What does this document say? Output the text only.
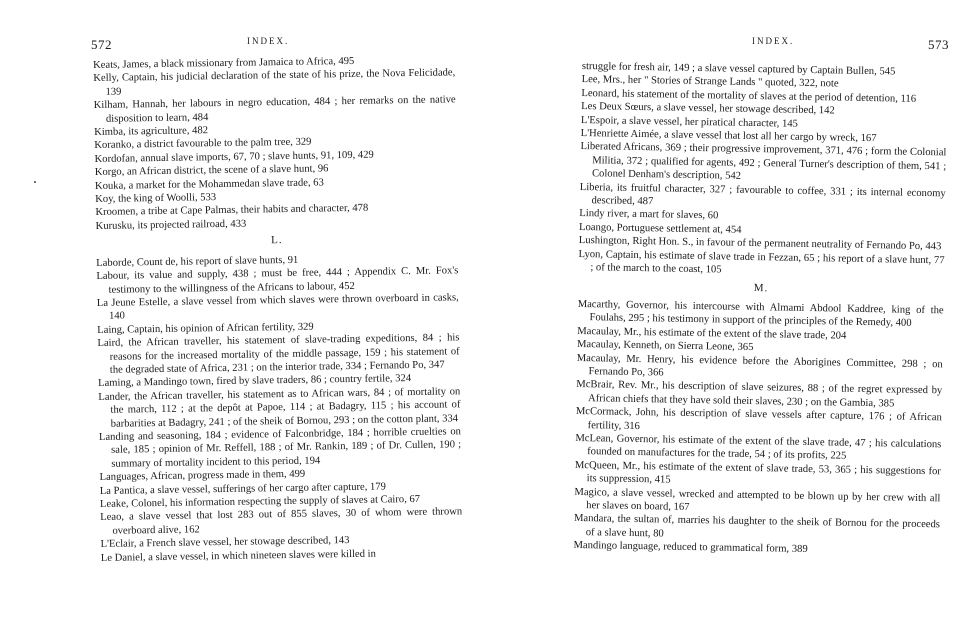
572	INDEX.
Keats, James, a black missionary from Jamaica to Africa, 495
Kelly, Captain, his judicial declaration of the state of his prize, the Nova Felicidade, 139
Kilham, Hannah, her labours in negro education, 484 ; her remarks on the native disposition to learn, 484
Kimba, its agriculture, 482
Koranko, a district favourable to the palm tree, 329
Kordofan, annual slave imports, 67, 70 ; slave hunts, 91, 109, 429
Korgo, an African district, the scene of a slave hunt, 96
Kouka, a market for the Mohammedan slave trade, 63
Koy, the king of Woolli, 533
Kroomen, a tribe at Cape Palmas, their habits and character, 478
Kurusku, its projected railroad, 433
L.
Laborde, Count de, his report of slave hunts, 91
Labour, its value and supply, 438 ; must be free, 444 ; Appendix C. Mr. Fox's testimony to the willingness of the Africans to labour, 452
La Jeune Estelle, a slave vessel from which slaves were thrown overboard in casks, 140
Laing, Captain, his opinion of African fertility, 329
Laird, the African traveller, his statement of slave-trading expeditions, 84 ; his reasons for the increased mortality of the middle passage, 159 ; his statement of the degraded state of Africa, 231 ; on the interior trade, 334 ; Fernando Po, 347
Laming, a Mandingo town, fired by slave traders, 86 ; country fertile, 324
Lander, the African traveller, his statement as to African wars, 84 ; of mortality on the march, 112 ; at the depôt at Papoe, 114 ; at Badagry, 115 ; his account of barbarities at Badagry, 241 ; of the sheik of Bornou, 293 ; on the cotton plant, 334
Landing and seasoning, 184 ; evidence of Falconbridge, 184 ; horrible cruelties on sale, 185 ; opinion of Mr. Reffell, 188 ; of Mr. Rankin, 189 ; of Dr. Cullen, 190 ; summary of mortality incident to this period, 194
Languages, African, progress made in them, 499
La Pantica, a slave vessel, sufferings of her cargo after capture, 179
Leake, Colonel, his information respecting the supply of slaves at Cairo, 67
Leao, a slave vessel that lost 283 out of 855 slaves, 30 of whom were thrown overboard alive, 162
L'Eclair, a French slave vessel, her stowage described, 143
Le Daniel, a slave vessel, in which nineteen slaves were killed in
INDEX.	573
struggle for fresh air, 149 ; a slave vessel captured by Captain Bullen, 545
Lee, Mrs., her " Stories of Strange Lands " quoted, 322, note
Leonard, his statement of the mortality of slaves at the period of detention, 116
Les Deux Sœurs, a slave vessel, her stowage described, 142
L'Espoir, a slave vessel, her piratical character, 145
L'Henriette Aimée, a slave vessel that lost all her cargo by wreck, 167
Liberated Africans, 369 ; their progressive improvement, 371, 476 ; form the Colonial Militia, 372 ; qualified for agents, 492 ; General Turner's description of them, 541 ; Colonel Denham's description, 542
Liberia, its fruitful character, 327 ; favourable to coffee, 331 ; its internal economy described, 487
Lindy river, a mart for slaves, 60
Loango, Portuguese settlement at, 454
Lushington, Right Hon. S., in favour of the permanent neutrality of Fernando Po, 443
Lyon, Captain, his estimate of slave trade in Fezzan, 65 ; his report of a slave hunt, 77 ; of the march to the coast, 105
M.
Macarthy, Governor, his intercourse with Almami Abdool Kaddree, king of the Foulahs, 295 ; his testimony in support of the principles of the Remedy, 400
Macaulay, Mr., his estimate of the extent of the slave trade, 204
Macaulay, Kenneth, on Sierra Leone, 365
Macaulay, Mr. Henry, his evidence before the Aborigines Committee, 298 ; on Fernando Po, 366
McBrair, Rev. Mr., his description of slave seizures, 88 ; of the regret expressed by African chiefs that they have sold their slaves, 230 ; on the Gambia, 385
McCormack, John, his description of slave vessels after capture, 176 ; of African fertility, 316
McLean, Governor, his estimate of the extent of the slave trade, 47 ; his calculations founded on manufactures for the trade, 54 ; of its profits, 225
McQueen, Mr., his estimate of the extent of slave trade, 53, 365 ; his suggestions for its suppression, 415
Magico, a slave vessel, wrecked and attempted to be blown up by her crew with all her slaves on board, 167
Mandara, the sultan of, marries his daughter to the sheik of Bornou for the proceeds of a slave hunt, 80
Mandingo language, reduced to grammatical form, 389
